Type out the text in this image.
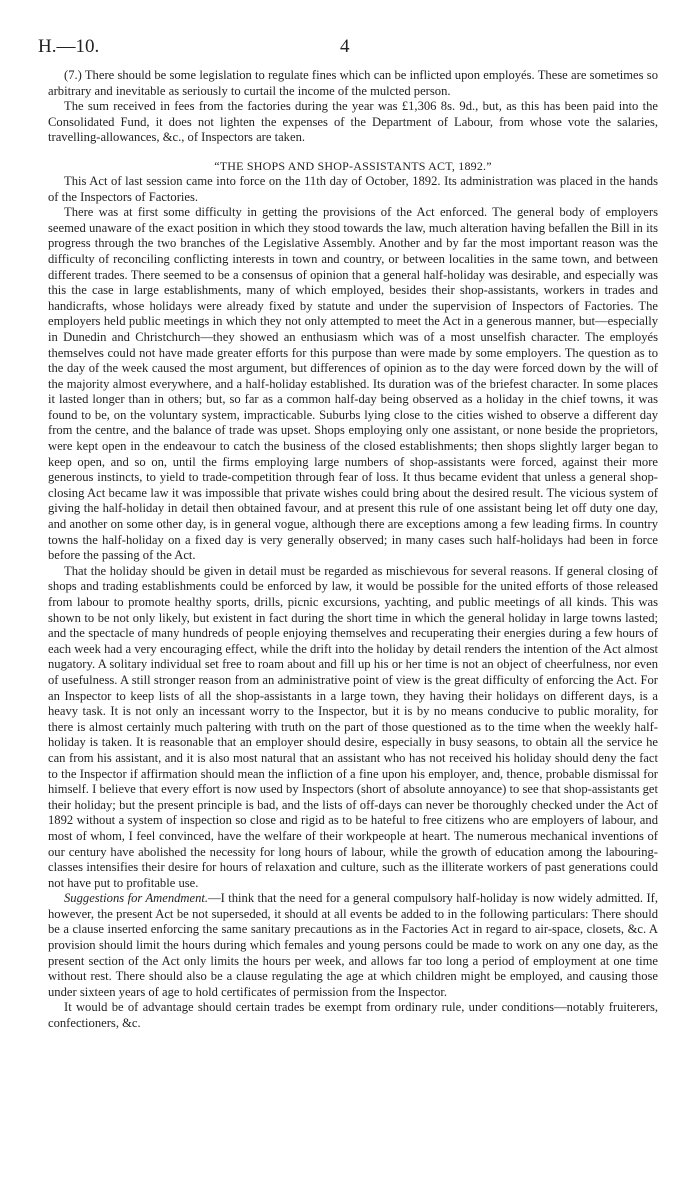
H.—10.	4

(7.) There should be some legislation to regulate fines which can be inflicted upon employés. These are sometimes so arbitrary and inevitable as seriously to curtail the income of the mulcted person.

The sum received in fees from the factories during the year was £1,306 8s. 9d., but, as this has been paid into the Consolidated Fund, it does not lighten the expenses of the Department of Labour, from whose vote the salaries, travelling-allowances, &c., of Inspectors are taken.

“THE SHOPS AND SHOP-ASSISTANTS ACT, 1892.”

This Act of last session came into force on the 11th day of October, 1892. Its administration was placed in the hands of the Inspectors of Factories.

There was at first some difficulty in getting the provisions of the Act enforced. The general body of employers seemed unaware of the exact position in which they stood towards the law, much alteration having befallen the Bill in its progress through the two branches of the Legislative Assembly. Another and by far the most important reason was the difficulty of reconciling conflicting interests in town and country, or between localities in the same town, and between different trades. There seemed to be a consensus of opinion that a general half-holiday was desirable, and especially was this the case in large establishments, many of which employed, besides their shop-assistants, workers in trades and handicrafts, whose holidays were already fixed by statute and under the supervision of Inspectors of Factories. The employers held public meetings in which they not only attempted to meet the Act in a generous manner, but—especially in Dunedin and Christchurch—they showed an enthusiasm which was of a most unselfish character. The employés themselves could not have made greater efforts for this purpose than were made by some employers. The question as to the day of the week caused the most argument, but differences of opinion as to the day were forced down by the will of the majority almost everywhere, and a half-holiday established. Its duration was of the briefest character. In some places it lasted longer than in others; but, so far as a common half-day being observed as a holiday in the chief towns, it was found to be, on the voluntary system, impracticable. Suburbs lying close to the cities wished to observe a different day from the centre, and the balance of trade was upset. Shops employing only one assistant, or none beside the proprietors, were kept open in the endeavour to catch the business of the closed establishments; then shops slightly larger began to keep open, and so on, until the firms employing large numbers of shop-assistants were forced, against their more generous instincts, to yield to trade-competition through fear of loss. It thus became evident that unless a general shop-closing Act became law it was impossible that private wishes could bring about the desired result. The vicious system of giving the half-holiday in detail then obtained favour, and at present this rule of one assistant being let off duty one day, and another on some other day, is in general vogue, although there are exceptions among a few leading firms. In country towns the half-holiday on a fixed day is very generally observed; in many cases such half-holidays had been in force before the passing of the Act.

That the holiday should be given in detail must be regarded as mischievous for several reasons. If general closing of shops and trading establishments could be enforced by law, it would be possible for the united efforts of those released from labour to promote healthy sports, drills, picnic excursions, yachting, and public meetings of all kinds. This was shown to be not only likely, but existent in fact during the short time in which the general holiday in large towns lasted; and the spectacle of many hundreds of people enjoying themselves and recuperating their energies during a few hours of each week had a very encouraging effect, while the drift into the holiday by detail renders the intention of the Act almost nugatory. A solitary individual set free to roam about and fill up his or her time is not an object of cheerfulness, nor even of usefulness. A still stronger reason from an administrative point of view is the great difficulty of enforcing the Act. For an Inspector to keep lists of all the shop-assistants in a large town, they having their holidays on different days, is a heavy task. It is not only an incessant worry to the Inspector, but it is by no means conducive to public morality, for there is almost certainly much paltering with truth on the part of those questioned as to the time when the weekly half-holiday is taken. It is reasonable that an employer should desire, especially in busy seasons, to obtain all the service he can from his assistant, and it is also most natural that an assistant who has not received his holiday should deny the fact to the Inspector if affirmation should mean the infliction of a fine upon his employer, and, thence, probable dismissal for himself. I believe that every effort is now used by Inspectors (short of absolute annoyance) to see that shop-assistants get their holiday; but the present principle is bad, and the lists of off-days can never be thoroughly checked under the Act of 1892 without a system of inspection so close and rigid as to be hateful to free citizens who are employers of labour, and most of whom, I feel convinced, have the welfare of their workpeople at heart. The numerous mechanical inventions of our century have abolished the necessity for long hours of labour, while the growth of education among the labouring-classes intensifies their desire for hours of relaxation and culture, such as the illiterate workers of past generations could not have put to profitable use.

Suggestions for Amendment.—I think that the need for a general compulsory half-holiday is now widely admitted. If, however, the present Act be not superseded, it should at all events be added to in the following particulars: There should be a clause inserted enforcing the same sanitary precautions as in the Factories Act in regard to air-space, closets, &c. A provision should limit the hours during which females and young persons could be made to work on any one day, as the present section of the Act only limits the hours per week, and allows far too long a period of employment at one time without rest. There should also be a clause regulating the age at which children might be employed, and causing those under sixteen years of age to hold certificates of permission from the Inspector.

It would be of advantage should certain trades be exempt from ordinary rule, under conditions—notably fruiterers, confectioners, &c.
